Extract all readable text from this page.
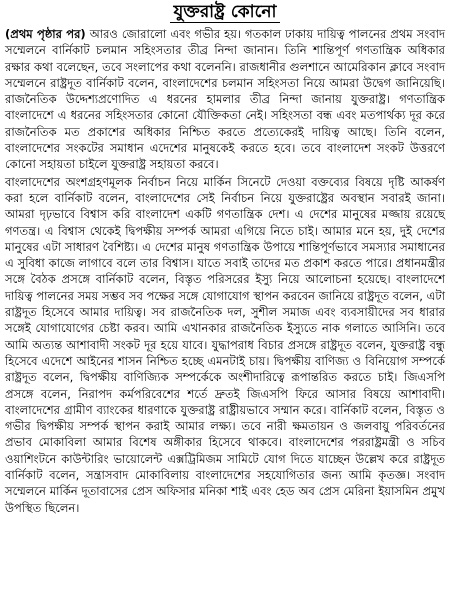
যুক্তরাষ্ট্র কোনো

(প্রথম পৃষ্ঠার পর) আরও জোরালো এবং গভীর হয়। গতকাল ঢাকায় দায়িত্ব পালনের প্রথম সংবাদ সম্মেলনে বার্নিকাট চলমান সহিংসতার তীব্র নিন্দা জানান। তিনি শান্তিপূর্ণ গণতান্ত্রিক অধিকার রক্ষার কথা বলেছেন, তবে সংলাপের কথা বলেননি। রাজধানীর গুলশানে আমেরিকান ক্লাবে সংবাদ সম্মেলনে রাষ্ট্রদূত বার্নিকাট বলেন, বাংলাদেশের চলমান সহিংসতা নিয়ে আমরা উদ্বেগ জানিয়েছি। রাজনৈতিক উদ্দেশ্যপ্রণোদিত এ ধরনের হামলার তীব্র নিন্দা জানায় যুক্তরাষ্ট্র। গণতান্ত্রিক বাংলাদেশে এ ধরনের সহিংসতার কোনো যৌক্তিকতা নেই। সহিংসতা বন্ধ এবং মতপার্থক্য দূর করে রাজনৈতিক মত প্রকাশের অধিকার নিশ্চিত করতে প্রত্যেকেরই দায়িত্ব আছে। তিনি বলেন, বাংলাদেশের সংকটের সমাধান এদেশের মানুষকেই করতে হবে। তবে বাংলাদেশ সংকট উত্তরণে কোনো সহায়তা চাইলে যুক্তরাষ্ট্র সহায়তা করবে।

বাংলাদেশের অংশগ্রহণমূলক নির্বাচন নিয়ে মার্কিন সিনেটে দেওয়া বক্তব্যের বিষয়ে দৃষ্টি আকর্ষণ করা হলে বার্নিকাট বলেন, বাংলাদেশের সেই নির্বাচন নিয়ে যুক্তরাষ্ট্রের অবস্থান সবারই জানা। আমরা দৃঢ়ভাবে বিশ্বাস করি বাংলাদেশ একটি গণতান্ত্রিক দেশ। এ দেশের মানুষের মজ্জায় রয়েছে গণতন্ত্র। এ বিশ্বাস থেকেই দ্বিপক্ষীয় সম্পর্ক আমরা এগিয়ে নিতে চাই। আমার মনে হয়, দুই দেশের মানুষের এটা সাধারণ বৈশিষ্ট্য। এ দেশের মানুষ গণতান্ত্রিক উপায়ে শান্তিপূর্ণভাবে সমস্যার সমাধানের এ সুবিধা কাজে লাগাবে বলে তার বিশ্বাস। যাতে সবাই তাদের মত প্রকাশ করতে পারে। প্রধানমন্ত্রীর সঙ্গে বৈঠক প্রসঙ্গে বার্নিকাট বলেন, বিস্তৃত পরিসরের ইস্যু নিয়ে আলোচনা হয়েছে। বাংলাদেশে দায়িত্ব পালনের সময় সম্ভব সব পক্ষের সঙ্গে যোগাযোগ স্থাপন করবেন জানিয়ে রাষ্ট্রদূত বলেন, এটা রাষ্ট্রদূত হিসেবে আমার দায়িত্ব। সব রাজনৈতিক দল, সুশীল সমাজ এবং ব্যবসায়ীদের সব ধারার সঙ্গেই যোগাযোগের চেষ্টা করব। আমি এখানকার রাজনৈতিক ইস্যুতে নাক গলাতে আসিনি। তবে আমি অত্যন্ত আশাবাদী সংকট দূর হয়ে যাবে। যুদ্ধাপরাধ বিচার প্রসঙ্গে রাষ্ট্রদূত বলেন, যুক্তরাষ্ট্র বন্ধু হিসেবে এদেশে আইনের শাসন নিশ্চিত হচ্ছে এমনটাই চায়। দ্বিপক্ষীয় বাণিজ্য ও বিনিয়োগ সম্পর্কে রাষ্ট্রদূত বলেন, দ্বিপক্ষীয় বাণিজ্যিক সম্পর্কেকে অংশীদারিত্বে রূপান্তরিত করতে চাই। জিএসপি প্রসঙ্গে বলেন, নিরাপদ কর্মপরিবেশের শর্তে দ্রুতই জিএসপি ফিরে আসার বিষয়ে আশাবাদী। বাংলাদেশের গ্রামীণ ব্যাংকের ধারণাকে যুক্তরাষ্ট্র রাষ্ট্রীয়ভাবে সম্মান করে। বার্নিকাট বলেন, বিস্তৃত ও গভীর দ্বিপক্ষীয় সম্পর্ক স্থাপন করাই আমার লক্ষ্য। তবে নারী ক্ষমতায়ন ও জলবায়ু পরিবর্তনের প্রভাব মোকাবিলা আমার বিশেষ অঙ্গীকার হিসেবে থাকবে। বাংলাদেশের পররাষ্ট্রমন্ত্রী ও সচিব ওয়াশিংটনে কাউন্টারিং ভায়োলেন্ট এক্সট্রিমিজম সামিটে যোগ দিতে যাচ্ছেন উল্লেখ করে রাষ্ট্রদূত বার্নিকাট বলেন, সন্ত্রাসবাদ মোকাবিলায় বাংলাদেশের সহযোগিতার জন্য আমি কৃতজ্ঞ। সংবাদ সম্মেলনে মার্কিন দূতাবাসের প্রেস অফিসার মনিকা শাই এবং হেড অব প্রেস মেরিনা ইয়াসমিন প্রমুখ উপস্থিত ছিলেন।
